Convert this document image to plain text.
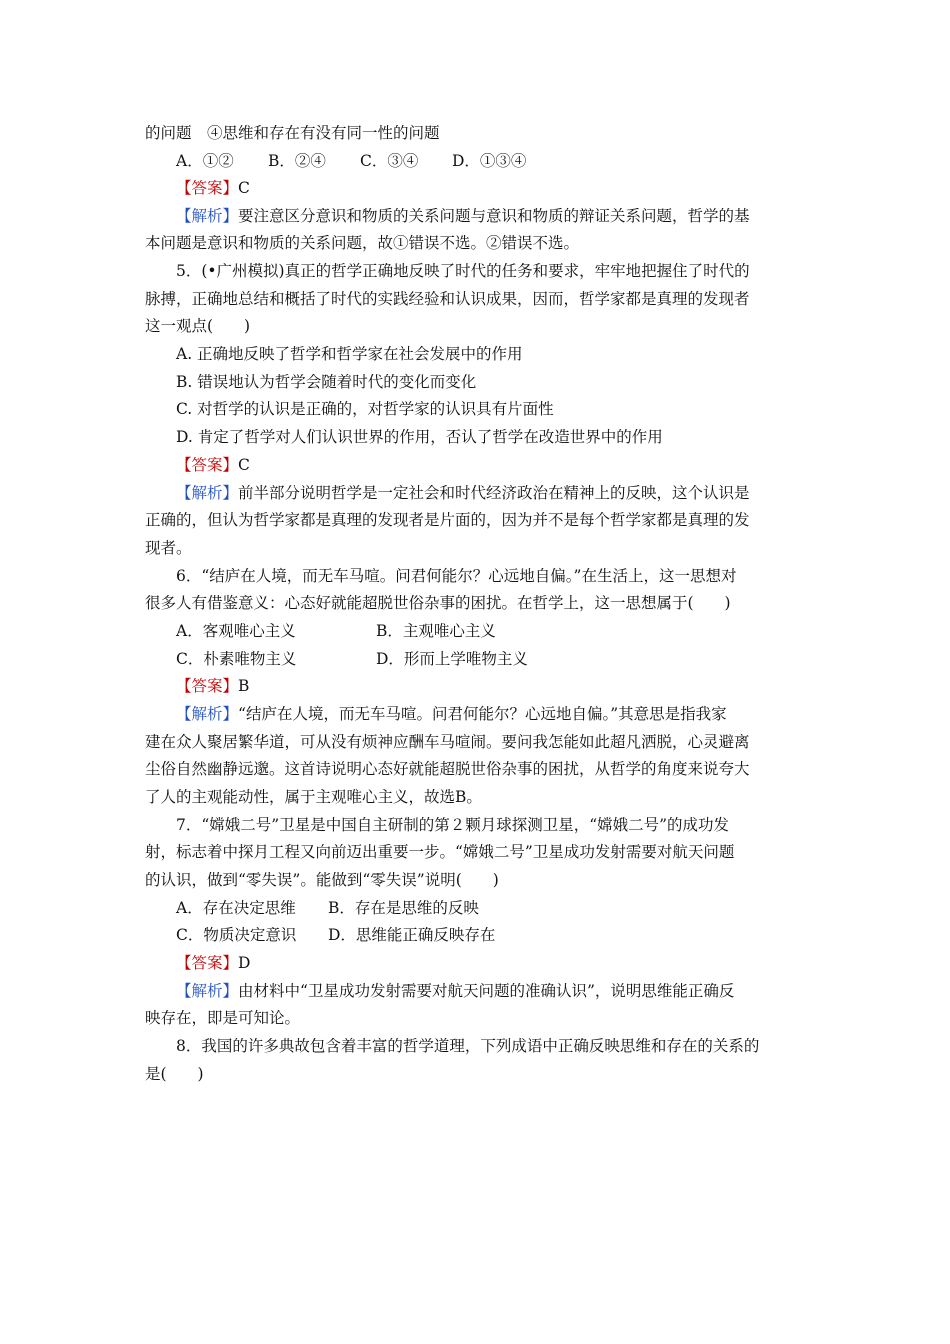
的问题　④思维和存在有没有同一性的问题
A．①②	B．②④	C．③④	D．①③④
【答案】C
【解析】要注意区分意识和物质的关系问题与意识和物质的辩证关系问题，哲学的基
本问题是意识和物质的关系问题，故①错误不选。②错误不选。
5．(•广州模拟)真正的哲学正确地反映了时代的任务和要求，牢牢地把握住了时代的
脉搏，正确地总结和概括了时代的实践经验和认识成果，因而，哲学家都是真理的发现者
这一观点(　　)
A. 正确地反映了哲学和哲学家在社会发展中的作用
B. 错误地认为哲学会随着时代的变化而变化
C. 对哲学的认识是正确的，对哲学家的认识具有片面性
D. 肯定了哲学对人们认识世界的作用，否认了哲学在改造世界中的作用
【答案】C
【解析】前半部分说明哲学是一定社会和时代经济政治在精神上的反映，这个认识是
正确的，但认为哲学家都是真理的发现者是片面的，因为并不是每个哲学家都是真理的发
现者。
6．“结庐在人境，而无车马喧。问君何能尔？心远地自偏。”在生活上，这一思想对
很多人有借鉴意义：心态好就能超脱世俗杂事的困扰。在哲学上，这一思想属于(　　)
A．客观唯心主义	B．主观唯心主义
C．朴素唯物主义	D．形而上学唯物主义
【答案】B
【解析】“结庐在人境，而无车马喧。问君何能尔？心远地自偏。”其意思是指我家
建在众人聚居繁华道，可从没有烦神应酬车马喧闹。要问我怎能如此超凡洒脱，心灵避离
尘俗自然幽静远邈。这首诗说明心态好就能超脱世俗杂事的困扰，从哲学的角度来说夸大
了人的主观能动性，属于主观唯心主义，故选B。
7．“嫦娥二号”卫星是中国自主研制的第２颗月球探测卫星，“嫦娥二号”的成功发
射，标志着中探月工程又向前迈出重要一步。“嫦娥二号”卫星成功发射需要对航天问题
的认识，做到“零失误”。能做到“零失误”说明(　　)
A．存在决定思维	B．存在是思维的反映
C．物质决定意识	D．思维能正确反映存在
【答案】D
【解析】由材料中“卫星成功发射需要对航天问题的准确认识”，说明思维能正确反
映存在，即是可知论。
8．我国的许多典故包含着丰富的哲学道理，下列成语中正确反映思维和存在的关系的
是(　　)
